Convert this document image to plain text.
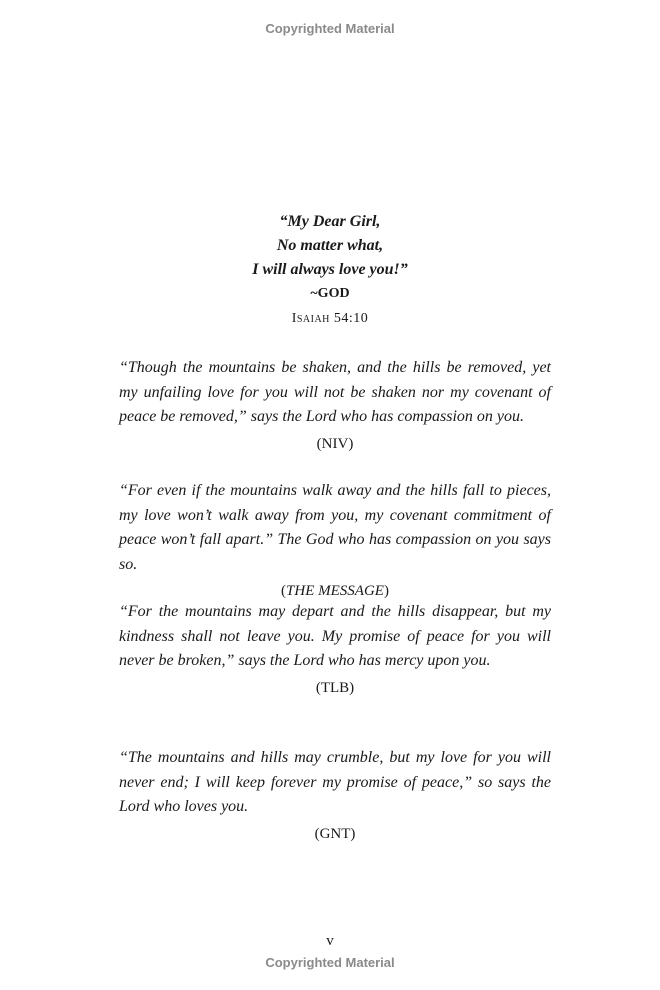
Copyrighted Material
“My Dear Girl,
No matter what,
I will always love you!”
~GOD
Isaiah 54:10

“Though the mountains be shaken, and the hills be removed, yet my unfailing love for you will not be shaken nor my covenant of peace be removed,” says the Lord who has compassion on you.

(NIV)

“For even if the mountains walk away and the hills fall to pieces, my love won’t walk away from you, my covenant commitment of peace won’t fall apart.” The God who has compassion on you says so.

(THE MESSAGE)

“For the mountains may depart and the hills disappear, but my kindness shall not leave you. My promise of peace for you will never be broken,” says the Lord who has mercy upon you.

(TLB)

“The mountains and hills may crumble, but my love for you will never end; I will keep forever my promise of peace,” so says the Lord who loves you.

(GNT)
v
Copyrighted Material
